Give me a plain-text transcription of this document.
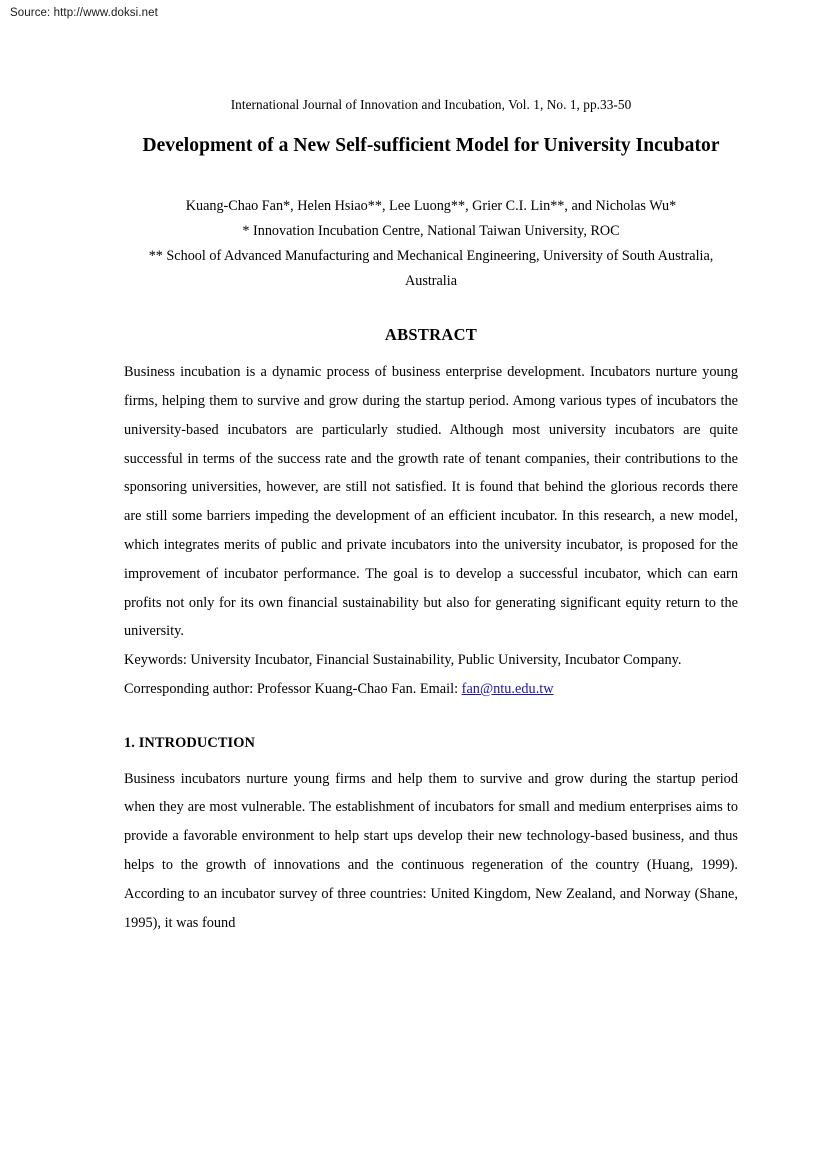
Source: http://www.doksi.net
International Journal of Innovation and Incubation, Vol. 1, No. 1, pp.33-50
Development of a New Self-sufficient Model for University Incubator
Kuang-Chao Fan*, Helen Hsiao**, Lee Luong**, Grier C.I. Lin**, and Nicholas Wu*
* Innovation Incubation Centre, National Taiwan University, ROC
** School of Advanced Manufacturing and Mechanical Engineering, University of South Australia, Australia
ABSTRACT

Business incubation is a dynamic process of business enterprise development. Incubators nurture young firms, helping them to survive and grow during the startup period. Among various types of incubators the university-based incubators are particularly studied. Although most university incubators are quite successful in terms of the success rate and the growth rate of tenant companies, their contributions to the sponsoring universities, however, are still not satisfied. It is found that behind the glorious records there are still some barriers impeding the development of an efficient incubator. In this research, a new model, which integrates merits of public and private incubators into the university incubator, is proposed for the improvement of incubator performance. The goal is to develop a successful incubator, which can earn profits not only for its own financial sustainability but also for generating significant equity return to the university.

Keywords: University Incubator, Financial Sustainability, Public University, Incubator Company.

Corresponding author: Professor Kuang-Chao Fan. Email: fan@ntu.edu.tw

1. INTRODUCTION

Business incubators nurture young firms and help them to survive and grow during the startup period when they are most vulnerable. The establishment of incubators for small and medium enterprises aims to provide a favorable environment to help start ups develop their new technology-based business, and thus helps to the growth of innovations and the continuous regeneration of the country (Huang, 1999). According to an incubator survey of three countries: United Kingdom, New Zealand, and Norway (Shane, 1995), it was found
